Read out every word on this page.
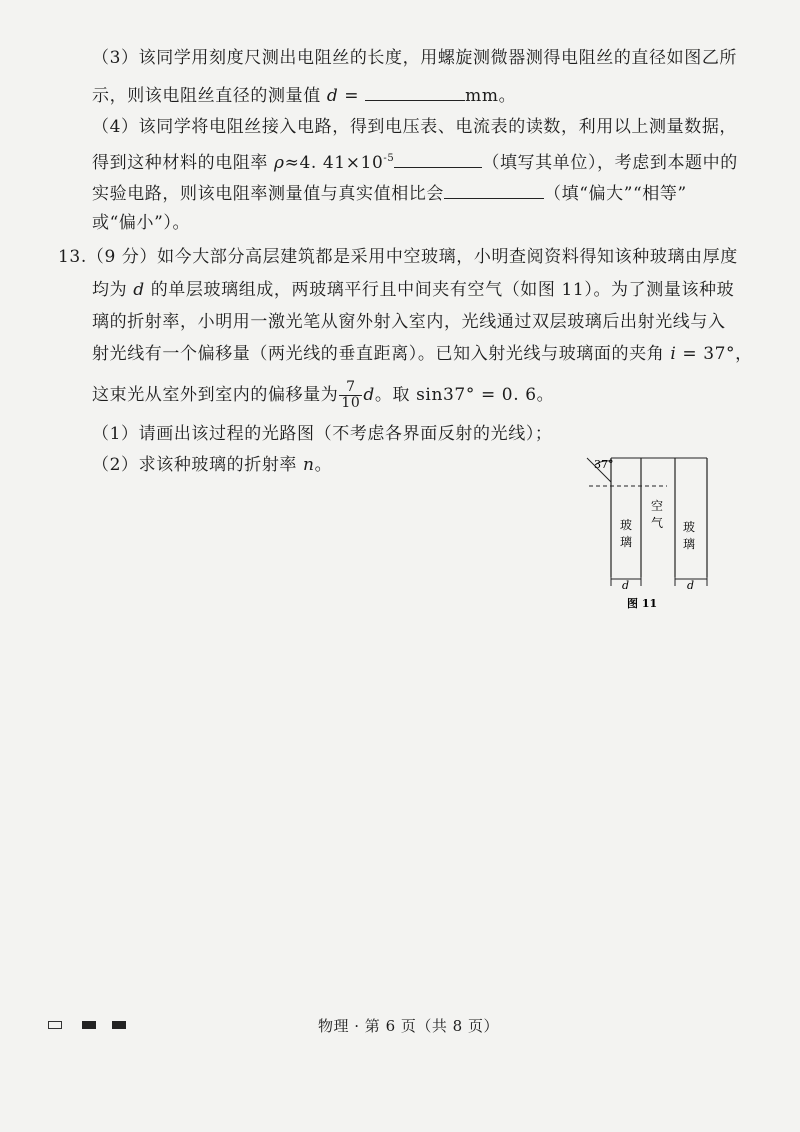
（3）该同学用刻度尺测出电阻丝的长度，用螺旋测微器测得电阻丝的直径如图乙所
示，则该电阻丝直径的测量值 d =	mm。
（4）该同学将电阻丝接入电路，得到电压表、电流表的读数，利用以上测量数据，
得到这种材料的电阻率 ρ≈4. $41\times 10^{-5}$	（填写其单位），考虑到本题中的
实验电路，则该电阻率测量值与真实值相比会	（填“偏大”“相等”
或“偏小”）。
13.（9 分）如今大部分高层建筑都是采用中空玻璃，小明查阅资料得知该种玻璃由厚度
均为 d 的单层玻璃组成，两玻璃平行且中间夹有空气（如图 11）。为了测量该种玻
璃的折射率，小明用一激光笔从窗外射入室内，光线通过双层玻璃后出射光线与入
射光线有一个偏移量（两光线的垂直距离）。已知入射光线与玻璃面的夹角 i = 37°，
这束光从室外到室内的偏移量为 $\frac{7}{10}$ d。取 sin37° = 0. 6。
（1）请画出该过程的光路图（不考虑各界面反射的光线）；
（2）求该种玻璃的折射率 n。	37°
玻
璃
空
气 玻
璃
d	d
图 11
物理 · 第 6 页（共 8 页）
